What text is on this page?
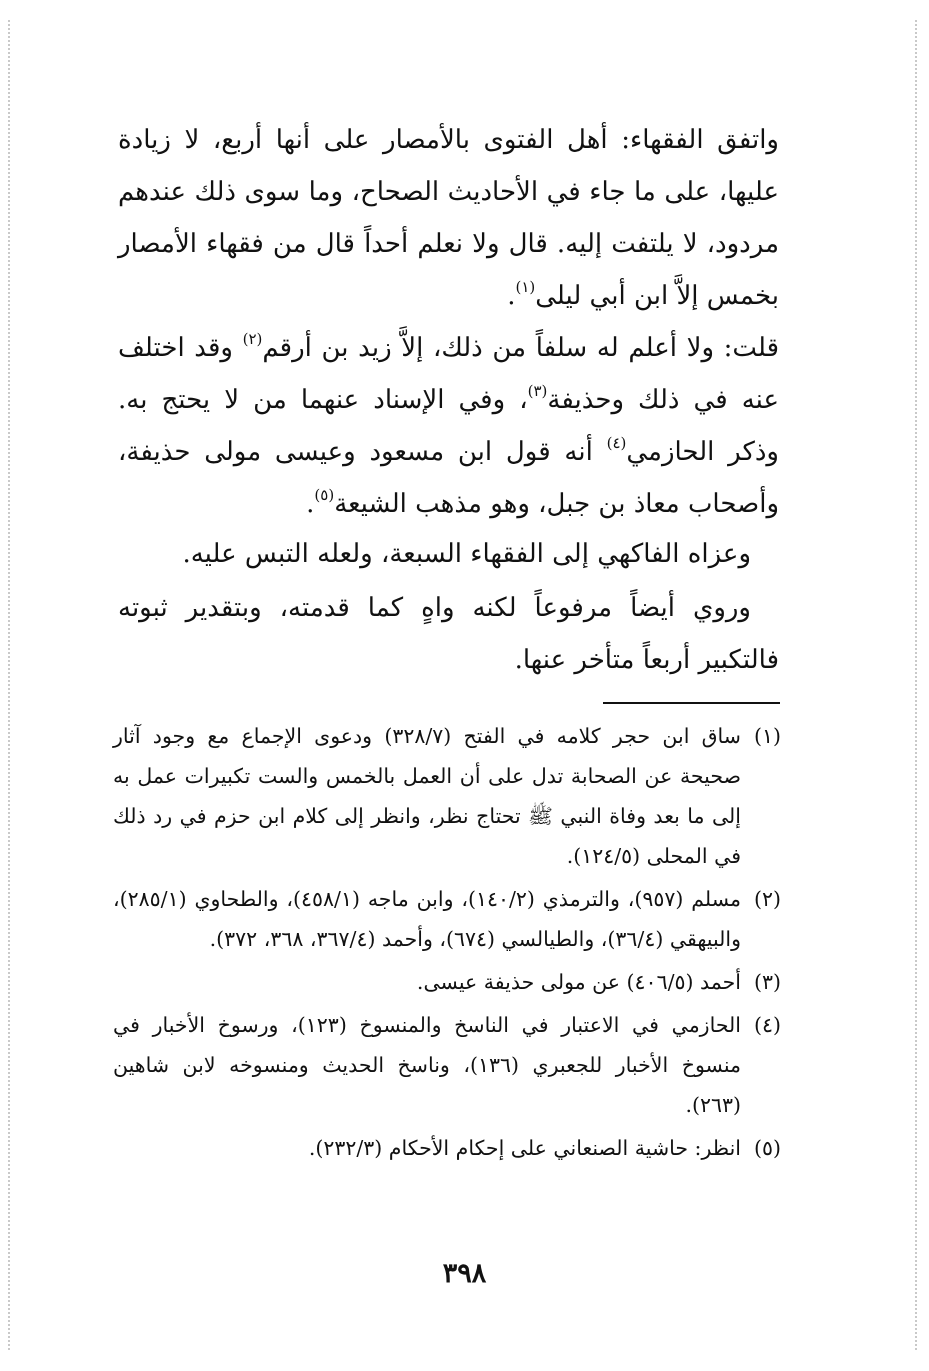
واتفق الفقهاء: أهل الفتوى بالأمصار على أنها أربع، لا زيادة عليها، على ما جاء في الأحاديث الصحاح، وما سوى ذلك عندهم مردود، لا يلتفت إليه. قال ولا نعلم أحداً قال من فقهاء الأمصار بخمس إلاَّ ابن أبي ليلى$^{(١)}$.

قلت: ولا أعلم له سلفاً من ذلك، إلاَّ زيد بن أرقم$^{(٢)}$ وقد اختلف عنه في ذلك وحذيفة$^{(٣)}$، وفي الإسناد عنهما من لا يحتج به. وذكر الحازمي$^{(٤)}$ أنه قول ابن مسعود وعيسى مولى حذيفة، وأصحاب معاذ بن جبل، وهو مذهب الشيعة$^{(٥)}$.

وعزاه الفاكهي إلى الفقهاء السبعة، ولعله التبس عليه.

وروي أيضاً مرفوعاً لكنه واهٍ كما قدمته، وبتقدير ثبوته فالتكبير أربعاً متأخر عنها.

(١)
ساق ابن حجر كلامه في الفتح (٣٢٨/٧) ودعوى الإجماع مع وجود آثار صحيحة عن الصحابة تدل على أن العمل بالخمس والست تكبيرات عمل به إلى ما بعد وفاة النبي ﷺ تحتاج نظر، وانظر إلى كلام ابن حزم في رد ذلك في المحلى (١٢٤/٥).
(٢)
مسلم (٩٥٧)، والترمذي (١٤٠/٢)، وابن ماجه (٤٥٨/١)، والطحاوي (٢٨٥/١)، والبيهقي (٣٦/٤)، والطيالسي (٦٧٤)، وأحمد (٣٦٧/٤، ٣٦٨، ٣٧٢).
(٣)
أحمد (٤٠٦/٥) عن مولى حذيفة عيسى.
(٤)
الحازمي في الاعتبار في الناسخ والمنسوخ (١٢٣)، ورسوخ الأخبار في منسوخ الأخبار للجعبري (١٣٦)، وناسخ الحديث ومنسوخه لابن شاهين (٢٦٣).
(٥)
انظر: حاشية الصنعاني على إحكام الأحكام (٢٣٢/٣).
٣٩٨
